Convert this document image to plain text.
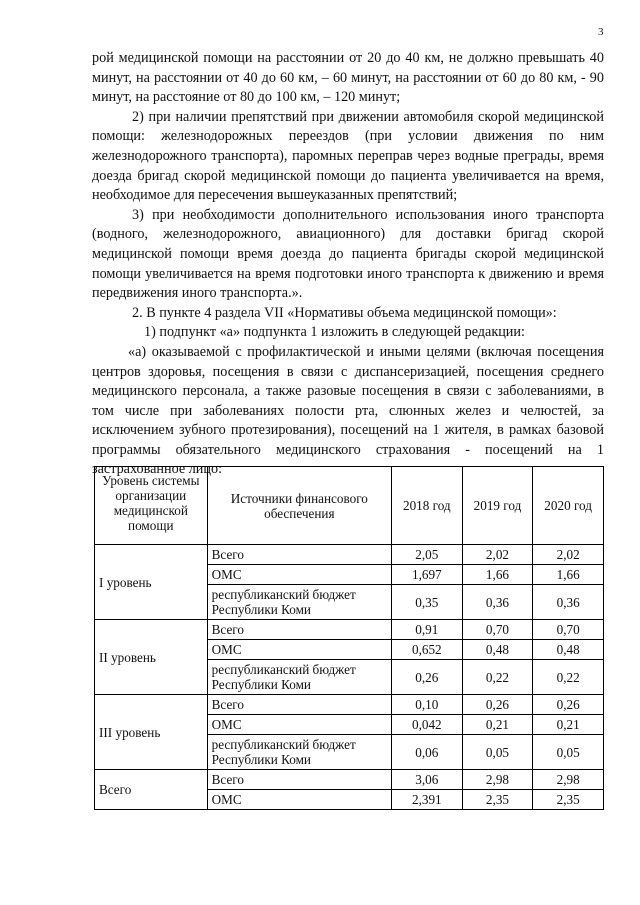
3

рой медицинской помощи на расстоянии от 20 до 40 км, не должно превышать 40 минут, на расстоянии от 40 до 60 км, – 60 минут, на расстоянии от 60 до 80 км, - 90 минут, на расстояние от 80 до 100 км, – 120 минут;

2) при наличии препятствий при движении автомобиля скорой медицинской помощи: железнодорожных переездов (при условии движения по ним железнодорожного транспорта), паромных переправ через водные преграды, время доезда бригад скорой медицинской помощи до пациента увеличивается на время, необходимое для пересечения вышеуказанных препятствий;

3) при необходимости дополнительного использования иного транспорта (водного, железнодорожного, авиационного) для доставки бригад скорой медицинской помощи время доезда до пациента бригады скорой медицинской помощи увеличивается на время подготовки иного транспорта к движению и время передвижения иного транспорта.».

2. В пункте 4 раздела VII «Нормативы объема медицинской помощи»:

1) подпункт «а» подпункта 1 изложить в следующей редакции:

«а) оказываемой с профилактической и иными целями (включая посещения центров здоровья, посещения в связи с диспансеризацией, посещения среднего медицинского персонала, а также разовые посещения в связи с заболеваниями, в том числе при заболеваниях полости рта, слюнных желез и челюстей, за исключением зубного протезирования), посещений на 1 жителя, в рамках базовой программы обязательного медицинского страхования - посещений на 1 застрахованное лицо:

Уровень системы организации медицинской помощи	Источники финансового обеспечения	2018 год	2019 год	2020 год
I уровень	Всего	2,05	2,02	2,02
	ОМС	1,697	1,66	1,66
	республиканский бюджет Республики Коми	0,35	0,36	0,36
II уровень	Всего	0,91	0,70	0,70
	ОМС	0,652	0,48	0,48
	республиканский бюджет Республики Коми	0,26	0,22	0,22
III уровень	Всего	0,10	0,26	0,26
	ОМС	0,042	0,21	0,21
	республиканский бюджет Республики Коми	0,06	0,05	0,05
Всего	Всего	3,06	2,98	2,98
	ОМС	2,391	2,35	2,35
